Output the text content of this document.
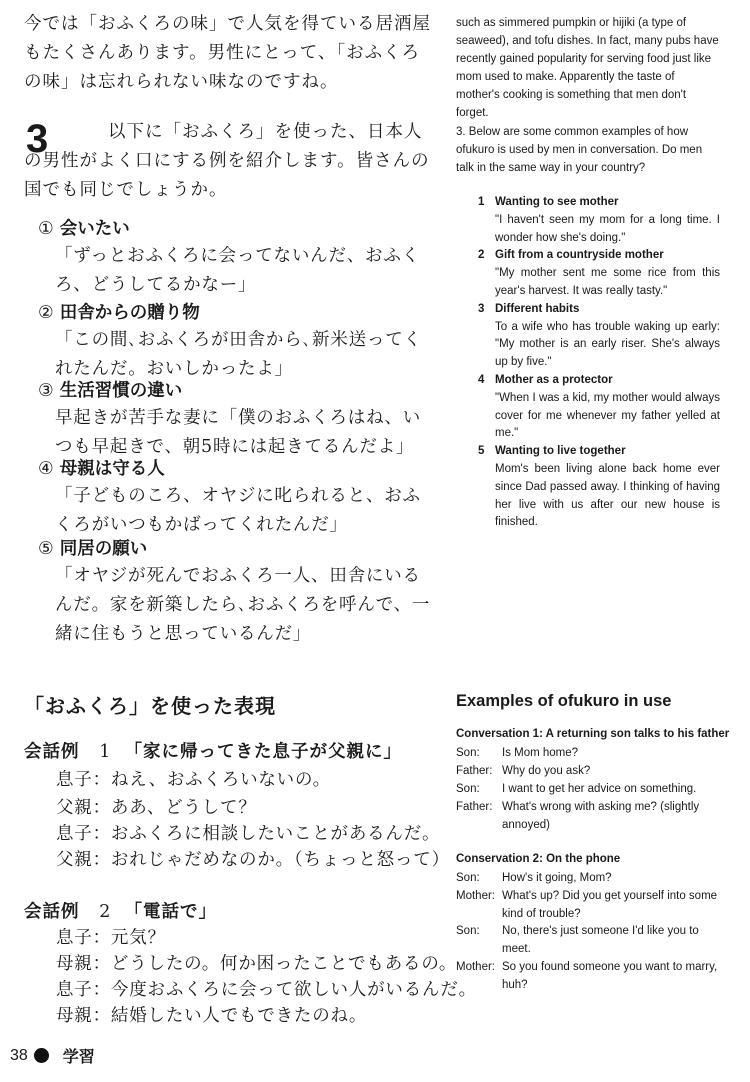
今では「おふくろの味」で人気を得ている居酒屋もたくさんあります。男性にとって、「おふくろの味」は忘れられない味なのですね。
以下に「おふくろ」を使った、日本人の男性がよく口にする例を紹介します。皆さんの国でも同じでしょうか。
3
① 会いたい
「ずっとおふくろに会ってないんだ、おふくろ、どうしてるかなー」
② 田舎からの贈り物
「この間､おふくろが田舎から､新米送ってくれたんだ。おいしかったよ」
③ 生活習慣の違い
早起きが苦手な妻に「僕のおふくろはね、いつも早起きで、朝5時には起きてるんだよ」
④ 母親は守る人
「子どものころ、オヤジに叱られると、おふくろがいつもかばってくれたんだ」
⑤ 同居の願い
「オヤジが死んでおふくろ一人、田舎にいるんだ。家を新築したら､おふくろを呼んで、一緒に住もうと思っているんだ」
「おふくろ」を使った表現
会話例 1 「家に帰ってきた息子が父親に」
息子：ねえ、おふくろいないの。
父親：ああ、どうして？
息子：おふくろに相談したいことがあるんだ。
父親：おれじゃだめなのか。（ちょっと怒って）
会話例 2 「電話で」
息子：元気？
母親：どうしたの。何か困ったことでもあるの。
息子：今度おふくろに会って欲しい人がいるんだ。
母親：結婚したい人でもできたのね。
38 学習
such as simmered pumpkin or hijiki (a type of seaweed), and tofu dishes. In fact, many pubs have recently gained popularity for serving food just like mom used to make. Apparently the taste of mother's cooking is something that men don't forget.
3. Below are some common examples of how ofukuro is used by men in conversation. Do men talk in the same way in your country?
1 Wanting to see mother
"I haven't seen my mom for a long time. I wonder how she's doing."
2 Gift from a countryside mother
"My mother sent me some rice from this year's harvest. It was really tasty."
3 Different habits
To a wife who has trouble waking up early: "My mother is an early riser. She's always up by five."
4 Mother as a protector
"When I was a kid, my mother would always cover for me whenever my father yelled at me."
5 Wanting to live together
Mom's been living alone back home ever since Dad passed away. I thinking of having her live with us after our new house is finished.
Examples of ofukuro in use
Conversation 1: A returning son talks to his father
Son:	Is Mom home?
Father: Why do you ask?
Son:	I want to get her advice on something.
Father: What's wrong with asking me? (slightly annoyed)
Conservation 2: On the phone
Son:	How's it going, Mom?
Mother: What's up? Did you get yourself into some kind of trouble?
Son:	No, there's just someone I'd like you to meet.
Mother: So you found someone you want to marry, huh?
